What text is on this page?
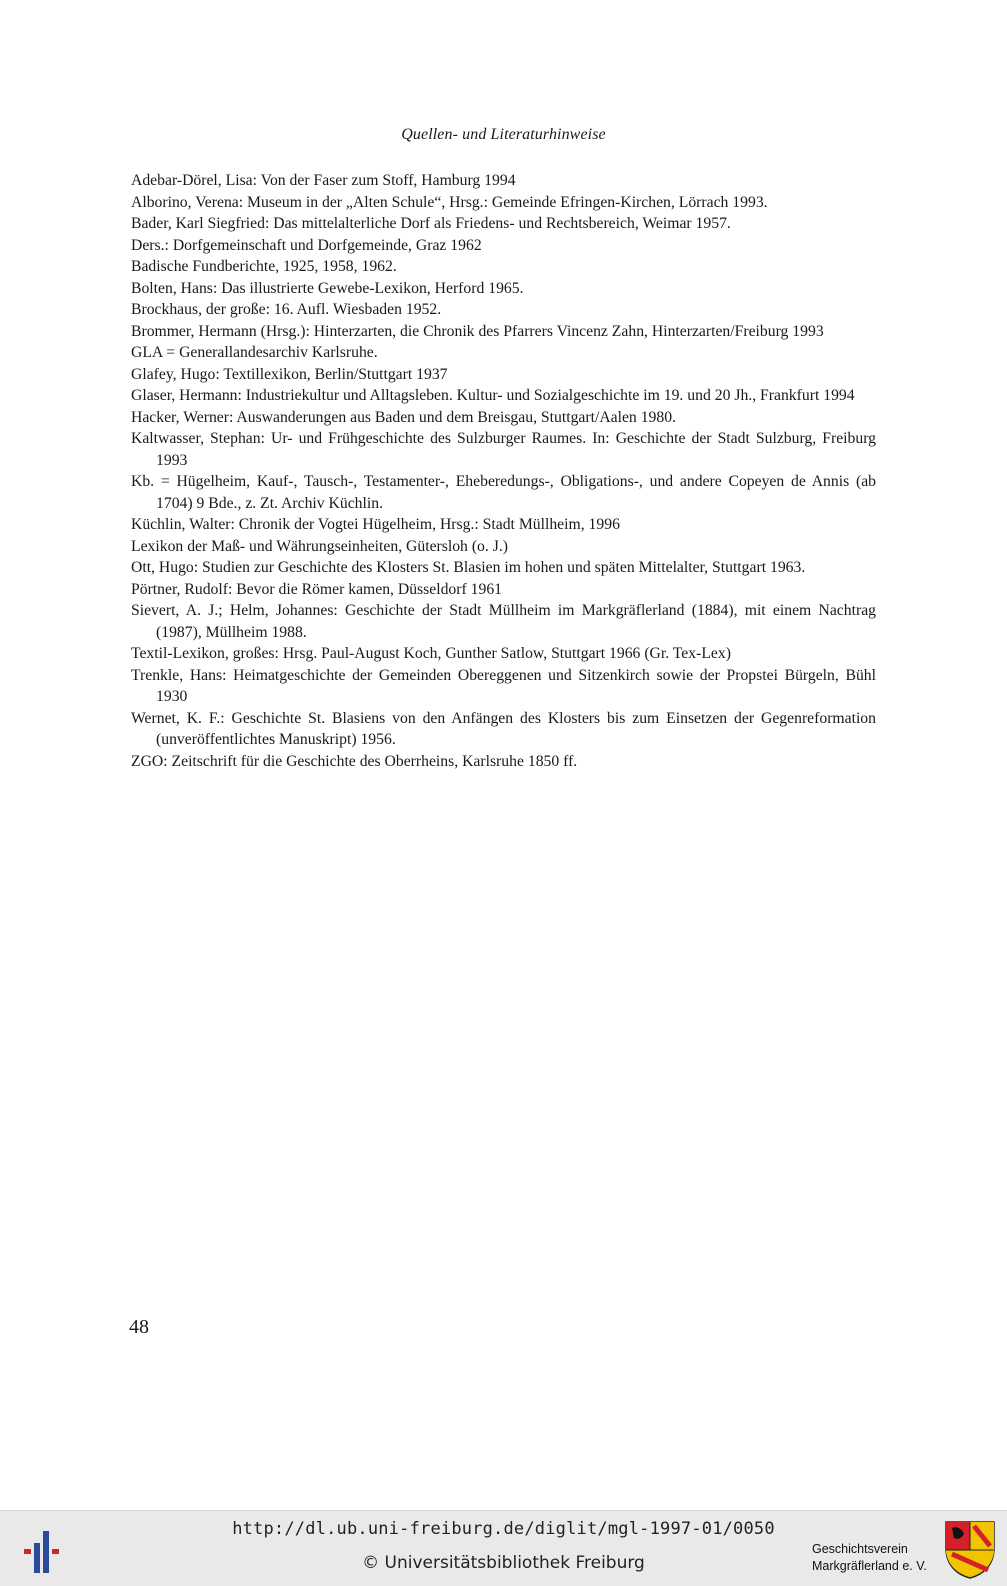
Quellen- und Literaturhinweise
Adebar-Dörel, Lisa: Von der Faser zum Stoff, Hamburg 1994
Alborino, Verena: Museum in der „Alten Schule“, Hrsg.: Gemeinde Efringen-Kirchen, Lörrach 1993.
Bader, Karl Siegfried: Das mittelalterliche Dorf als Friedens- und Rechtsbereich, Weimar 1957.
Ders.: Dorfgemeinschaft und Dorfgemeinde, Graz 1962
Badische Fundberichte, 1925, 1958, 1962.
Bolten, Hans: Das illustrierte Gewebe-Lexikon, Herford 1965.
Brockhaus, der große: 16. Aufl. Wiesbaden 1952.
Brommer, Hermann (Hrsg.): Hinterzarten, die Chronik des Pfarrers Vincenz Zahn, Hinterzarten/Freiburg 1993
GLA = Generallandesarchiv Karlsruhe.
Glafey, Hugo: Textillexikon, Berlin/Stuttgart 1937
Glaser, Hermann: Industriekultur und Alltagsleben. Kultur- und Sozialgeschichte im 19. und 20 Jh., Frankfurt 1994
Hacker, Werner: Auswanderungen aus Baden und dem Breisgau, Stuttgart/Aalen 1980.
Kaltwasser, Stephan: Ur- und Frühgeschichte des Sulzburger Raumes. In: Geschichte der Stadt Sulzburg, Freiburg 1993
Kb. = Hügelheim, Kauf-, Tausch-, Testamenter-, Eheberedungs-, Obligations-, und andere Copeyen de Annis (ab 1704) 9 Bde., z. Zt. Archiv Küchlin.
Küchlin, Walter: Chronik der Vogtei Hügelheim, Hrsg.: Stadt Müllheim, 1996
Lexikon der Maß- und Währungseinheiten, Gütersloh (o. J.)
Ott, Hugo: Studien zur Geschichte des Klosters St. Blasien im hohen und späten Mittelalter, Stuttgart 1963.
Pörtner, Rudolf: Bevor die Römer kamen, Düsseldorf 1961
Sievert, A. J.; Helm, Johannes: Geschichte der Stadt Müllheim im Markgräflerland (1884), mit einem Nachtrag (1987), Müllheim 1988.
Textil-Lexikon, großes: Hrsg. Paul-August Koch, Gunther Satlow, Stuttgart 1966 (Gr. Tex-Lex)
Trenkle, Hans: Heimatgeschichte der Gemeinden Obereggenen und Sitzenkirch sowie der Propstei Bürgeln, Bühl 1930
Wernet, K. F.: Geschichte St. Blasiens von den Anfängen des Klosters bis zum Einsetzen der Gegenreformation (unveröffentlichtes Manuskript) 1956.
ZGO: Zeitschrift für die Geschichte des Oberrheins, Karlsruhe 1850 ff.
48
http://dl.ub.uni-freiburg.de/diglit/mgl-1997-01/0050
© Universitätsbibliothek Freiburg
Geschichtsverein
Markgräflerland e. V.
